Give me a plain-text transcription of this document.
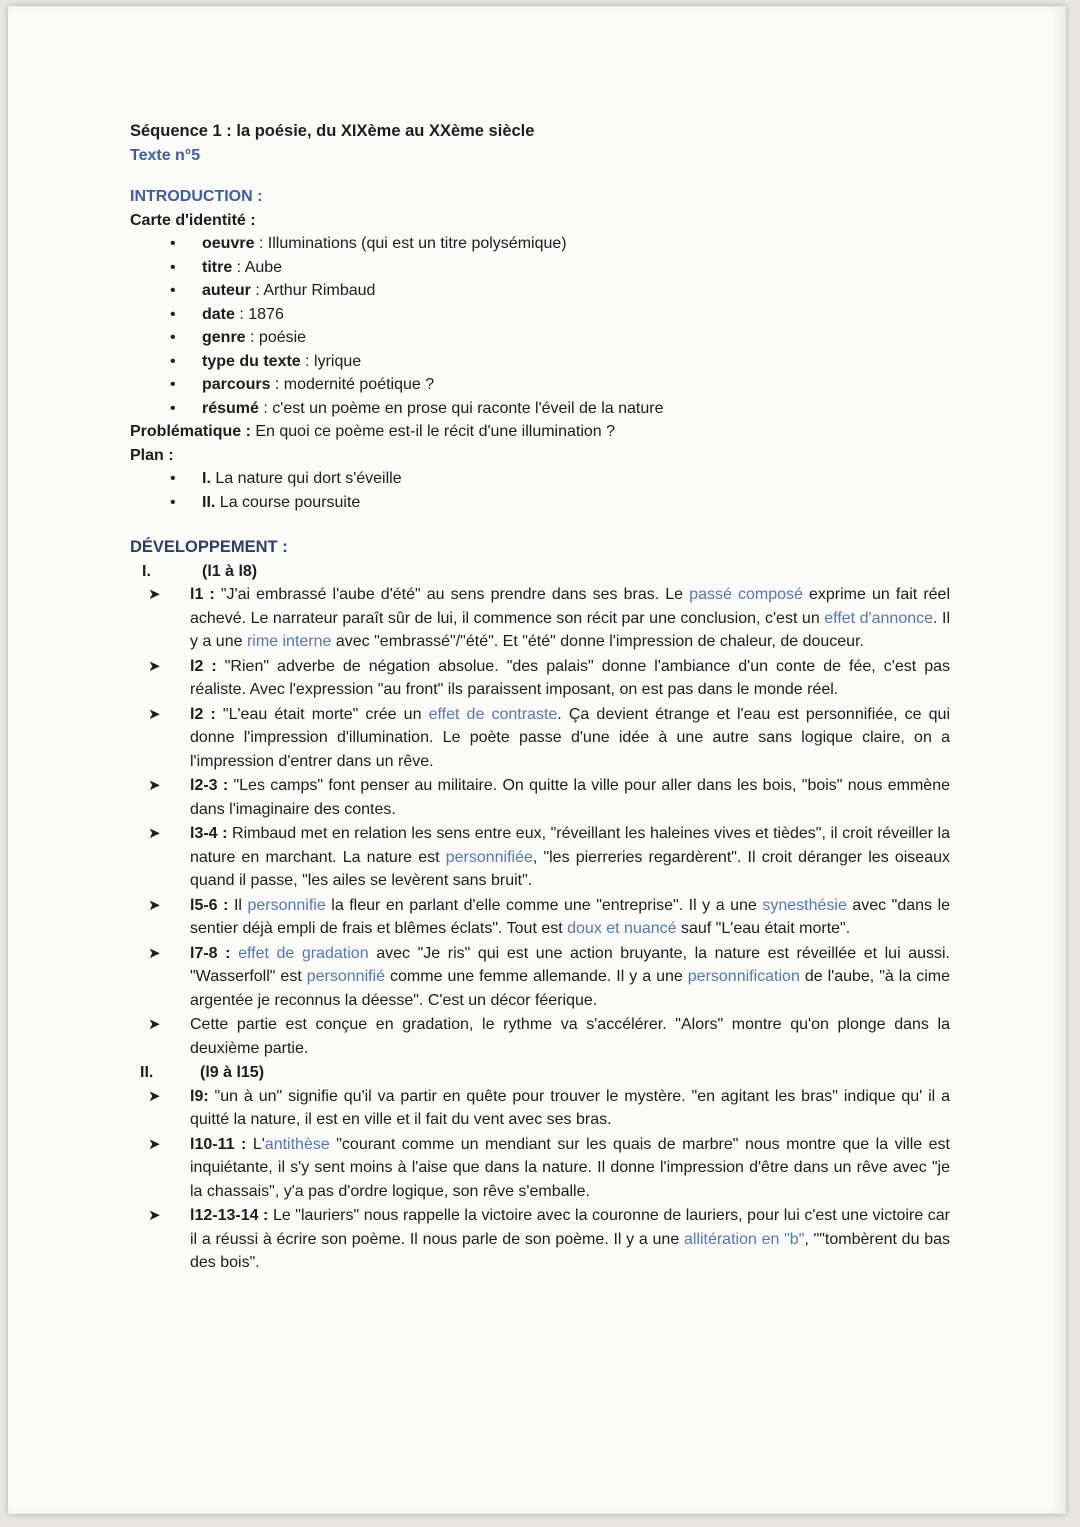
Séquence 1 : la poésie, du XIXème au XXème siècle
Texte n°5
INTRODUCTION :
Carte d'identité :
• oeuvre : Illuminations (qui est un titre polysémique)
• titre : Aube
• auteur : Arthur Rimbaud
• date : 1876
• genre : poésie
• type du texte : lyrique
• parcours : modernité poétique ?
• résumé : c'est un poème en prose qui raconte l'éveil de la nature
Problématique : En quoi ce poème est-il le récit d'une illumination ?
Plan :
• I. La nature qui dort s'éveille
• II. La course poursuite
DÉVELOPPEMENT :
I.	(l1 à l8)
➤ l1 : "J'ai embrassé l'aube d'été" au sens prendre dans ses bras. Le passé composé exprime un fait réel achevé. Le narrateur paraît sûr de lui, il commence son récit par une conclusion, c'est un effet d'annonce. Il y a une rime interne avec "embrassé"/"été". Et "été" donne l'impression de chaleur, de douceur.
➤ l2 : "Rien" adverbe de négation absolue. "des palais" donne l'ambiance d'un conte de fée, c'est pas réaliste. Avec l'expression "au front" ils paraissent imposant, on est pas dans le monde réel.
➤ l2 : "L'eau était morte" crée un effet de contraste. Ça devient étrange et l'eau est personnifiée, ce qui donne l'impression d'illumination. Le poète passe d'une idée à une autre sans logique claire, on a l'impression d'entrer dans un rêve.
➤ l2-3 : "Les camps" font penser au militaire. On quitte la ville pour aller dans les bois, "bois" nous emmène dans l'imaginaire des contes.
➤ l3-4 : Rimbaud met en relation les sens entre eux, "réveillant les haleines vives et tièdes", il croit réveiller la nature en marchant. La nature est personnifiée, "les pierreries regardèrent". Il croit déranger les oiseaux quand il passe, "les ailes se levèrent sans bruit".
➤ l5-6 : Il personnifie la fleur en parlant d'elle comme une "entreprise". Il y a une synesthésie avec "dans le sentier déjà empli de frais et blêmes éclats". Tout est doux et nuancé sauf "L'eau était morte".
➤ l7-8 : effet de gradation avec "Je ris" qui est une action bruyante, la nature est réveillée et lui aussi. "Wasserfoll" est personnifié comme une femme allemande. Il y a une personnification de l'aube, "à la cime argentée je reconnus la déesse". C'est un décor féerique.
➤ Cette partie est conçue en gradation, le rythme va s'accélérer. "Alors" montre qu'on plonge dans la deuxième partie.
II.	(l9 à l15)
➤ l9: "un à un" signifie qu'il va partir en quête pour trouver le mystère. "en agitant les bras" indique qu' il a quitté la nature, il est en ville et il fait du vent avec ses bras.
➤ l10-11 : L'antithèse "courant comme un mendiant sur les quais de marbre" nous montre que la ville est inquiétante, il s'y sent moins à l'aise que dans la nature. Il donne l'impression d'être dans un rêve avec "je la chassais", y'a pas d'ordre logique, son rêve s'emballe.
➤ l12-13-14 : Le "lauriers" nous rappelle la victoire avec la couronne de lauriers, pour lui c'est une victoire car il a réussi à écrire son poème. Il nous parle de son poème. Il y a une allitération en "b", ""tombèrent du bas des bois".
